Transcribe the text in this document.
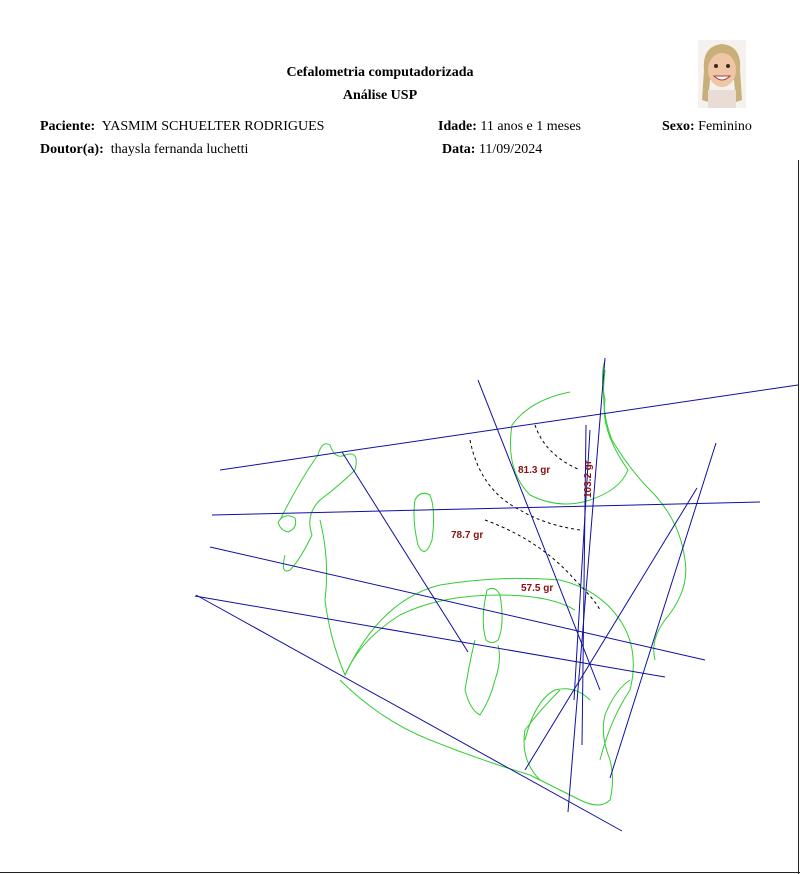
Cefalometria computadorizada
Análise USP
Paciente: YASMIM SCHUELTER RODRIGUES	Idade: 11 anos e 1 meses	Sexo: Feminino
Doutor(a): thaysla fernanda luchetti	Data: 11/09/2024
81.3 gr	103.2 gr
78.7 gr
57.5 gr
